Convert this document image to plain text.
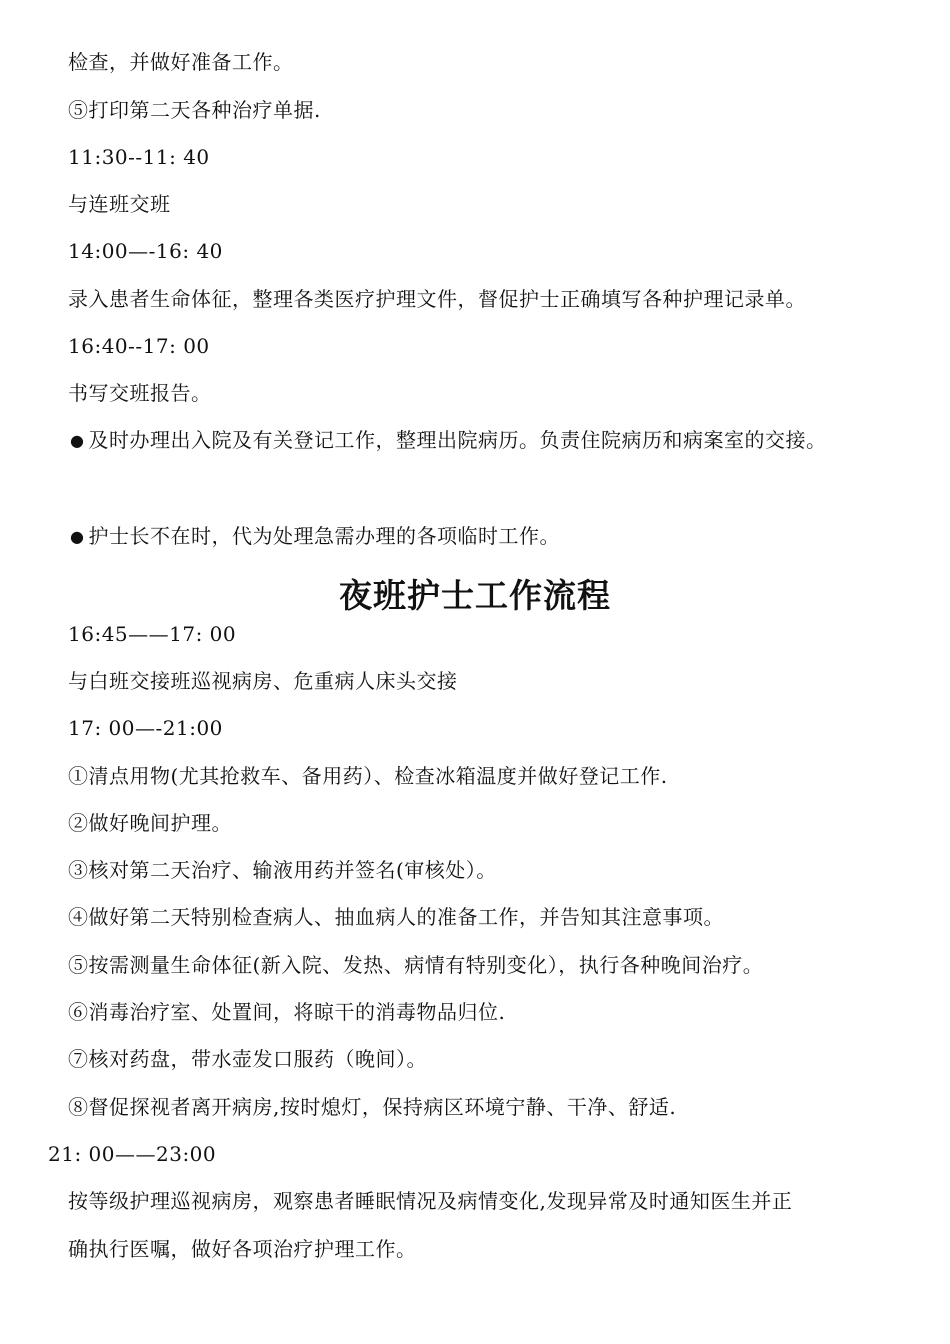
检查，并做好准备工作。
⑤打印第二天各种治疗单据.
11:30--11: 40
与连班交班
14:00—-16: 40
录入患者生命体征，整理各类医疗护理文件，督促护士正确填写各种护理记录单。
16:40--17: 00
书写交班报告。
● 及时办理出入院及有关登记工作，整理出院病历。负责住院病历和病案室的交接。
● 护士长不在时，代为处理急需办理的各项临时工作。
夜班护士工作流程
16:45——17: 00
与白班交接班巡视病房、危重病人床头交接
17: 00—-21:00
①清点用物(尤其抢救车、备用药）、检查冰箱温度并做好登记工作.
②做好晚间护理。
③核对第二天治疗、输液用药并签名(审核处）。
④做好第二天特别检查病人、抽血病人的准备工作，并告知其注意事项。
⑤按需测量生命体征(新入院、发热、病情有特别变化），执行各种晚间治疗。
⑥消毒治疗室、处置间，将晾干的消毒物品归位.
⑦核对药盘，带水壶发口服药（晚间）。
⑧督促探视者离开病房,按时熄灯，保持病区环境宁静、干净、舒适.
21: 00——23:00
按等级护理巡视病房，观察患者睡眠情况及病情变化,发现异常及时通知医生并正
确执行医嘱，做好各项治疗护理工作。
